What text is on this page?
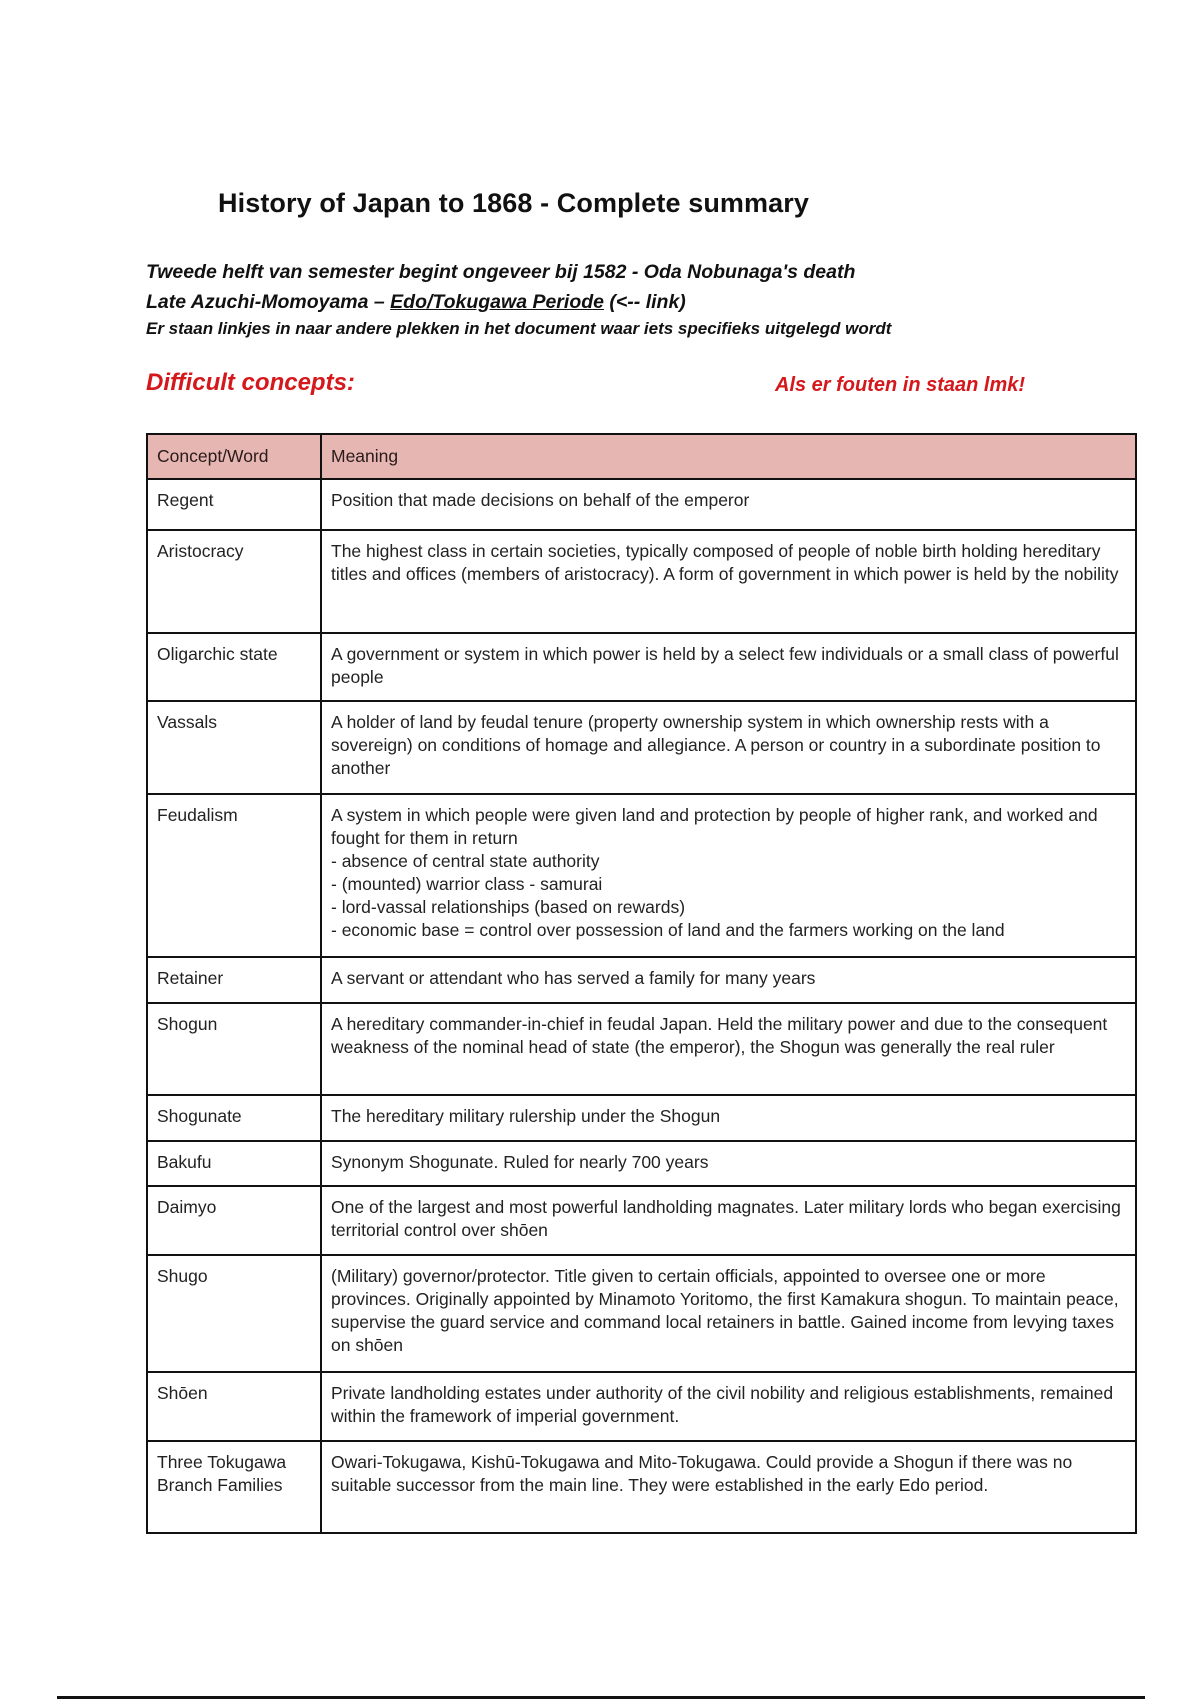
History of Japan to 1868 - Complete summary
Tweede helft van semester begint ongeveer bij 1582 - Oda Nobunaga's death
Late Azuchi-Momoyama – Edo/Tokugawa Periode (<-- link)
Er staan linkjes in naar andere plekken in het document waar iets specifieks uitgelegd wordt
Difficult concepts:	Als er fouten in staan lmk!
Concept/Word	Meaning
Regent	Position that made decisions on behalf of the emperor

Aristocracy	The highest class in certain societies, typically composed of people of noble birth holding hereditary titles and offices (members of aristocracy). A form of government in which power is held by the nobility

Oligarchic state	A government or system in which power is held by a select few individuals or a small class of powerful people

Vassals	A holder of land by feudal tenure (property ownership system in which ownership rests with a sovereign) on conditions of homage and allegiance. A person or country in a subordinate position to another

Feudalism	A system in which people were given land and protection by people of higher rank, and worked and fought for them in return
- absence of central state authority
- (mounted) warrior class - samurai
- lord-vassal relationships (based on rewards)
- economic base = control over possession of land and the farmers working on the land

Retainer	A servant or attendant who has served a family for many years

Shogun	A hereditary commander-in-chief in feudal Japan. Held the military power and due to the consequent weakness of the nominal head of state (the emperor), the Shogun was generally the real ruler

Shogunate	The hereditary military rulership under the Shogun

Bakufu	Synonym Shogunate. Ruled for nearly 700 years

Daimyo	One of the largest and most powerful landholding magnates. Later military lords who began exercising territorial control over shōen

Shugo	(Military) governor/protector. Title given to certain officials, appointed to oversee one or more provinces. Originally appointed by Minamoto Yoritomo, the first Kamakura shogun. To maintain peace, supervise the guard service and command local retainers in battle. Gained income from levying taxes on shōen

Shōen	Private landholding estates under authority of the civil nobility and religious establishments, remained within the framework of imperial government.

Three Tokugawa Branch Families	Owari-Tokugawa, Kishū-Tokugawa and Mito-Tokugawa. Could provide a Shogun if there was no suitable successor from the main line. They were established in the early Edo period.
